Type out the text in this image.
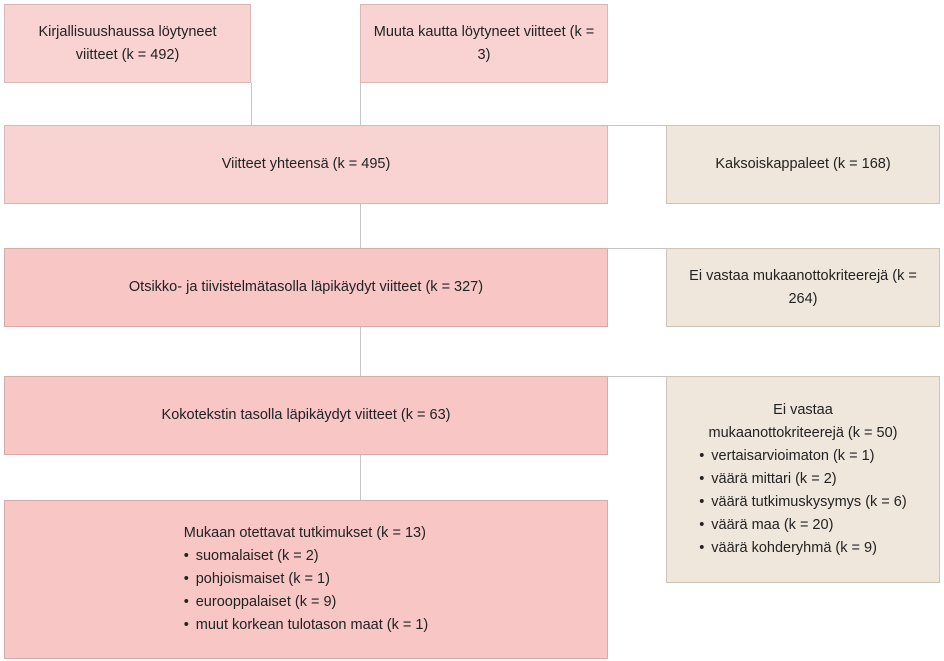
Kirjallisuushaussa löytyneet viitteet (k = 492)
Muuta kautta löytyneet viitteet (k = 3)
Viitteet yhteensä (k = 495)	Kaksoiskappaleet (k = 168)
Otsikko- ja tiivistelmätasolla läpikäydyt viitteet (k = 327)
Ei vastaa mukaanottokriteerejä (k = 264)
Kokotekstin tasolla läpikäydyt viitteet (k = 63)	Ei vastaa mukaanottokriteerejä (k = 50)
• vertaisarvioimaton (k = 1)
• väärä mittari (k = 2)
• väärä tutkimuskysymys (k = 6)
• väärä maa (k = 20)
• väärä kohderyhmä (k = 9)
Mukaan otettavat tutkimukset (k = 13)
• suomalaiset (k = 2)
• pohjoismaiset (k = 1)
• eurooppalaiset (k = 9)
• muut korkean tulotason maat (k = 1)
